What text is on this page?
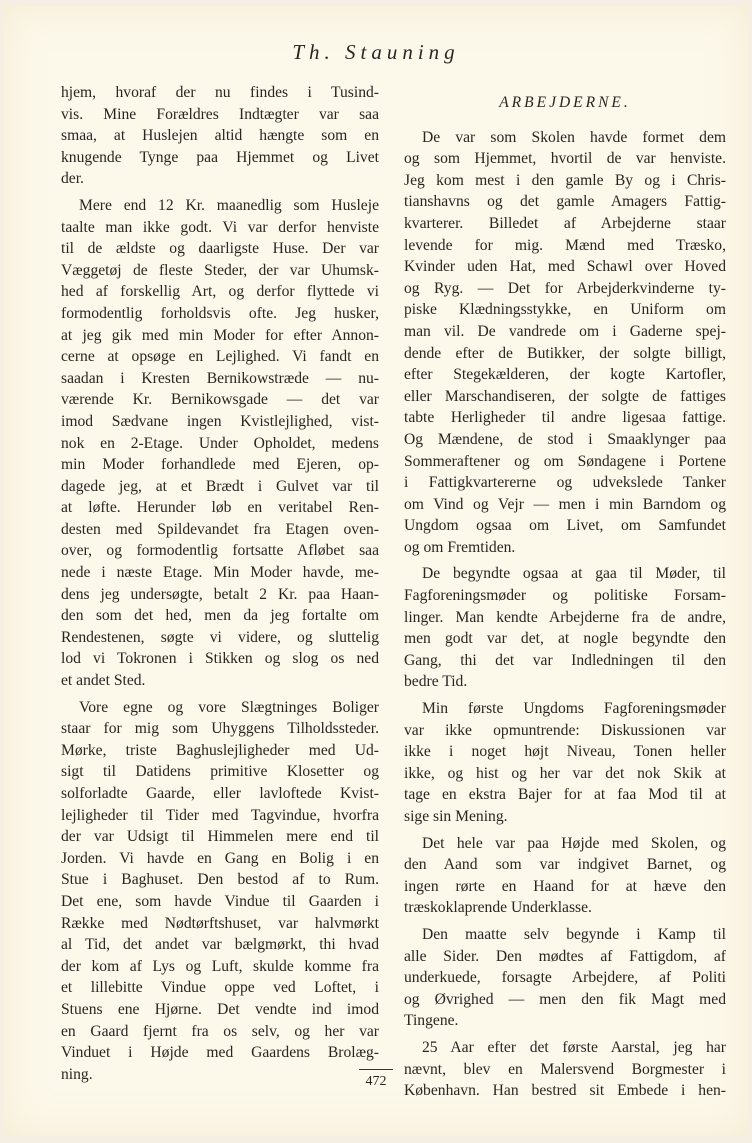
Th. Stauning
hjem, hvoraf der nu findes i Tusind-
vis. Mine Forældres Indtægter var saa
smaa, at Huslejen altid hængte som en
knugende Tynge paa Hjemmet og Livet
der.
Mere end 12 Kr. maanedlig som Husleje
taalte man ikke godt. Vi var derfor henviste
til de ældste og daarligste Huse. Der var
Væggetøj de fleste Steder, der var Uhumsk-
hed af forskellig Art, og derfor flyttede vi
formodentlig forholdsvis ofte. Jeg husker,
at jeg gik med min Moder for efter Annon-
cerne at opsøge en Lejlighed. Vi fandt en
saadan i Kresten Bernikowstræde — nu-
værende Kr. Bernikowsgade — det var
imod Sædvane ingen Kvistlejlighed, vist-
nok en 2-Etage. Under Opholdet, medens
min Moder forhandlede med Ejeren, op-
dagede jeg, at et Brædt i Gulvet var til
at løfte. Herunder løb en veritabel Ren-
desten med Spildevandet fra Etagen oven-
over, og formodentlig fortsatte Afløbet saa
nede i næste Etage. Min Moder havde, me-
dens jeg undersøgte, betalt 2 Kr. paa Haan-
den som det hed, men da jeg fortalte om
Rendestenen, søgte vi videre, og sluttelig
lod vi Tokronen i Stikken og slog os ned
et andet Sted.
Vore egne og vore Slægtninges Boliger
staar for mig som Uhyggens Tilholdssteder.
Mørke, triste Baghuslejligheder med Ud-
sigt til Datidens primitive Klosetter og
solforladte Gaarde, eller lavloftede Kvist-
lejligheder til Tider med Tagvindue, hvorfra
der var Udsigt til Himmelen mere end til
Jorden. Vi havde en Gang en Bolig i en
Stue i Baghuset. Den bestod af to Rum.
Det ene, som havde Vindue til Gaarden i
Række med Nødtørftshuset, var halvmørkt
al Tid, det andet var bælgmørkt, thi hvad
der kom af Lys og Luft, skulde komme fra
et lillebitte Vindue oppe ved Loftet, i
Stuens ene Hjørne. Det vendte ind imod
en Gaard fjernt fra os selv, og her var
Vinduet i Højde med Gaardens Brolæg-
ning.
ARBEJDERNE.
De var som Skolen havde formet dem
og som Hjemmet, hvortil de var henviste.
Jeg kom mest i den gamle By og i Chris-
tianshavns og det gamle Amagers Fattig-
kvarterer. Billedet af Arbejderne staar
levende for mig. Mænd med Træsko,
Kvinder uden Hat, med Schawl over Hoved
og Ryg. — Det for Arbejderkvinderne ty-
piske Klædningsstykke, en Uniform om
man vil. De vandrede om i Gaderne spej-
dende efter de Butikker, der solgte billigt,
efter Stegekælderen, der kogte Kartofler,
eller Marschandiseren, der solgte de fattiges
tabte Herligheder til andre ligesaa fattige.
Og Mændene, de stod i Smaaklynger paa
Sommeraftener og om Søndagene i Portene
i Fattigkvartererne og udvekslede Tanker
om Vind og Vejr — men i min Barndom og
Ungdom ogsaa om Livet, om Samfundet
og om Fremtiden.
De begyndte ogsaa at gaa til Møder, til
Fagforeningsmøder og politiske Forsam-
linger. Man kendte Arbejderne fra de andre,
men godt var det, at nogle begyndte den
Gang, thi det var Indledningen til den
bedre Tid.
Min første Ungdoms Fagforeningsmøder
var ikke opmuntrende: Diskussionen var
ikke i noget højt Niveau, Tonen heller
ikke, og hist og her var det nok Skik at
tage en ekstra Bajer for at faa Mod til at
sige sin Mening.
Det hele var paa Højde med Skolen, og
den Aand som var indgivet Barnet, og
ingen rørte en Haand for at hæve den
træskoklaprende Underklasse.
Den maatte selv begynde i Kamp til
alle Sider. Den mødtes af Fattigdom, af
underkuede, forsagte Arbejdere, af Politi
og Øvrighed — men den fik Magt med
Tingene.
25 Aar efter det første Aarstal, jeg har
nævnt, blev en Malersvend Borgmester i
København. Han bestred sit Embede i hen-
472
